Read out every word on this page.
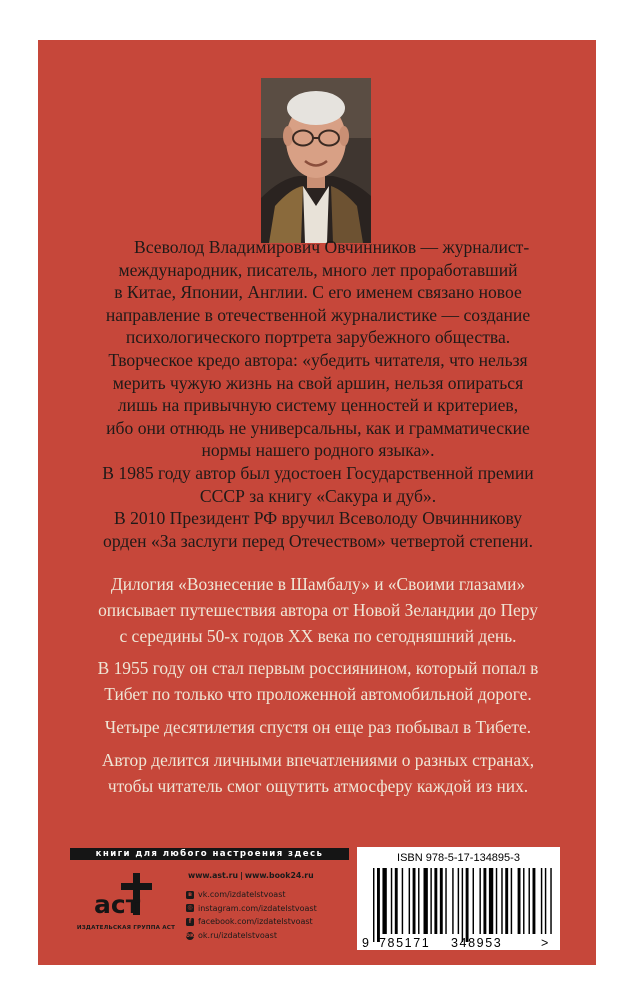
Всеволод Владимирович Овчинников — журналист-

международник, писатель, много лет проработавший

в Китае, Японии, Англии. С его именем связано новое

направление в отечественной журналистике — создание

психологического портрета зарубежного общества.

Творческое кредо автора: «убедить читателя, что нельзя

мерить чужую жизнь на свой аршин, нельзя опираться

лишь на привычную систему ценностей и критериев,

ибо они отнюдь не универсальны, как и грамматические

нормы нашего родного языка».

В 1985 году автор был удостоен Государственной премии

СССР за книгу «Сакура и дуб».

В 2010 Президент РФ вручил Всеволоду Овчинникову

орден «За заслуги перед Отечеством» четвертой степени.

Дилогия «Вознесение в Шамбалу» и «Своими глазами»
описывает путешествия автора от Новой Зеландии до Перу
с середины 50-х годов XX века по сегодняшний день.

В 1955 году он стал первым россиянином, который попал в
Тибет по только что проложенной автомобильной дороге.

Четыре десятилетия спустя он еще раз побывал в Тибете.

Автор делится личными впечатлениями о разных странах,
чтобы читатель смог ощутить атмосферу каждой из них.

книги для любого настроения здесь
аст
ИЗДАТЕЛЬСКАЯ ГРУППА АСТ
www.ast.ru | www.book24.ru
в vk.com/izdatelstvoast
◎ instagram.com/izdatelstvoast
f facebook.com/izdatelstvoast
ок ok.ru/izdatelstvoast
ISBN 978-5-17-134895-3
9 785171 348953	>
